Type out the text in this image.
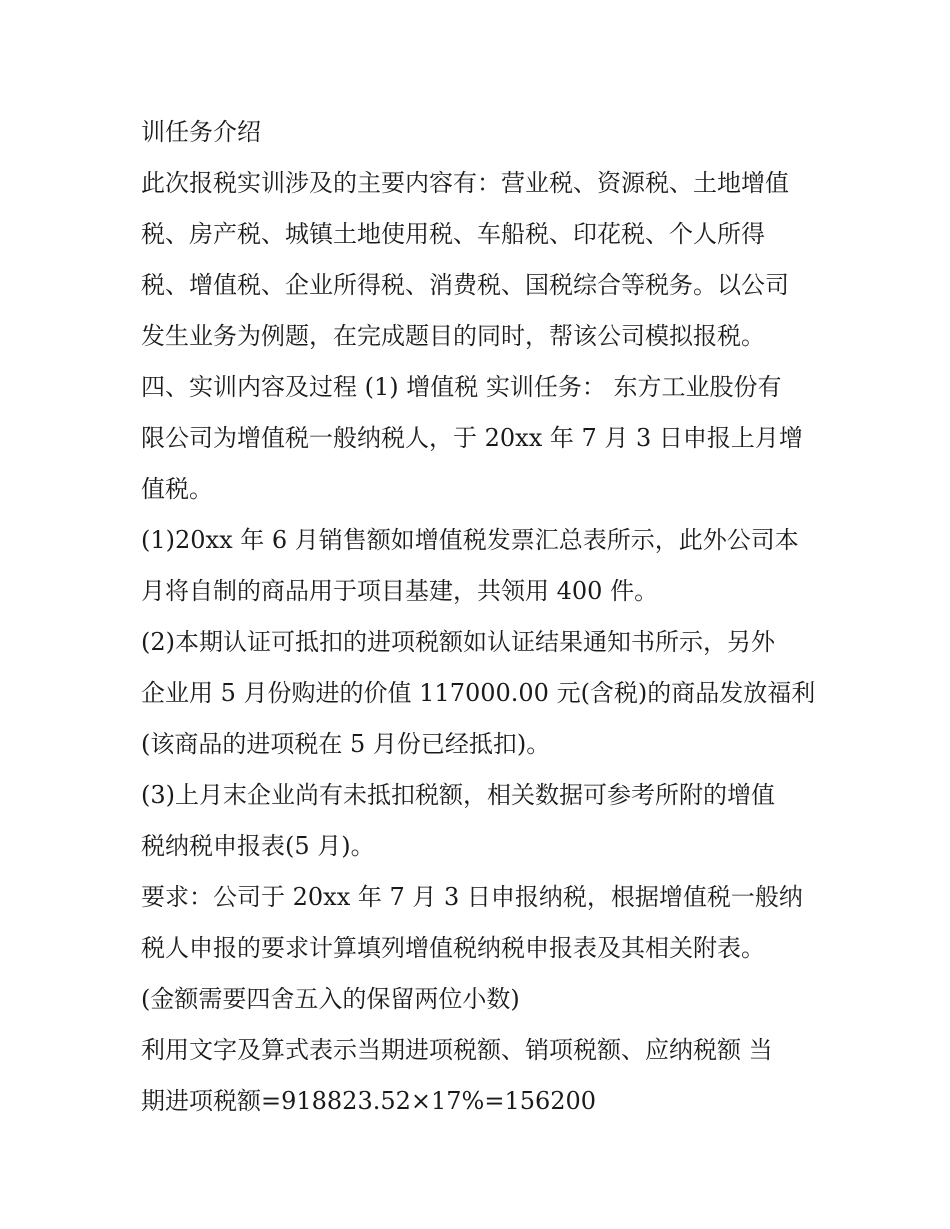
训任务介绍
此次报税实训涉及的主要内容有：营业税、资源税、土地增值
税、房产税、城镇土地使用税、车船税、印花税、个人所得
税、增值税、企业所得税、消费税、国税综合等税务。以公司
发生业务为例题，在完成题目的同时，帮该公司模拟报税。
四、实训内容及过程 (1) 增值税 实训任务： 东方工业股份有
限公司为增值税一般纳税人，于 20xx 年 7 月 3 日申报上月增
值税。
(1)20xx 年 6 月销售额如增值税发票汇总表所示，此外公司本
月将自制的商品用于项目基建，共领用 400 件。
(2)本期认证可抵扣的进项税额如认证结果通知书所示，另外
企业用 5 月份购进的价值 117000.00 元(含税)的商品发放福利
(该商品的进项税在 5 月份已经抵扣)。
(3)上月末企业尚有未抵扣税额，相关数据可参考所附的增值
税纳税申报表(5 月)。
要求：公司于 20xx 年 7 月 3 日申报纳税，根据增值税一般纳
税人申报的要求计算填列增值税纳税申报表及其相关附表。
(金额需要四舍五入的保留两位小数)
利用文字及算式表示当期进项税额、销项税额、应纳税额 当
期进项税额=918823.52×17%=156200
